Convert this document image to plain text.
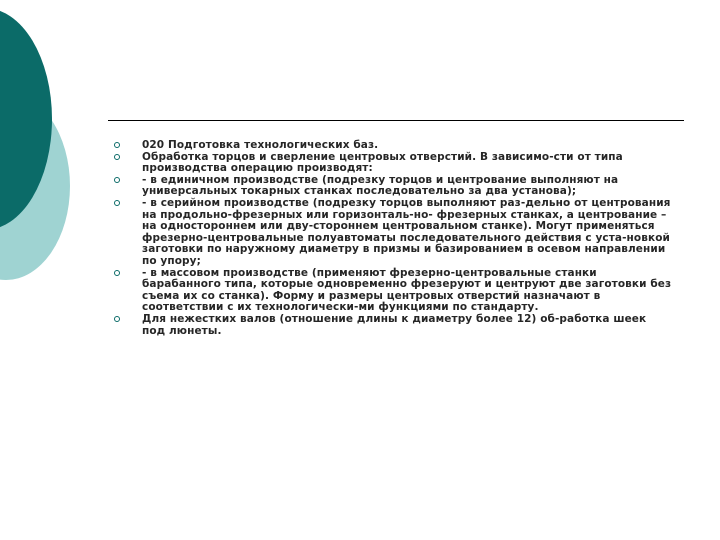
020 Подготовка технологических баз.
Обработка торцов и сверление центровых отверстий. В зависимо-сти от типа производства операцию производят:
- в единичном производстве (подрезку торцов и центрование выполняют на универсальных токарных станках последовательно за два установа);
- в серийном производстве (подрезку торцов выполняют раз-дельно от центрования на продольно-фрезерных или горизонталь-но- фрезерных станках, а центрование – на одностороннем или дву-стороннем центровальном станке). Могут применяться фрезерно-центровальные полуавтоматы последовательного действия с уста-новкой заготовки по наружному диаметру в призмы и базированием в осевом направлении по упору;
- в массовом производстве (применяют фрезерно-центровальные станки барабанного типа, которые одновременно фрезеруют и центруют две заготовки без съема их со станка). Форму и размеры центровых отверстий назначают в соответствии с их технологически-ми функциями по стандарту.
Для нежестких валов (отношение длины к диаметру более 12) об-работка шеек под люнеты.
